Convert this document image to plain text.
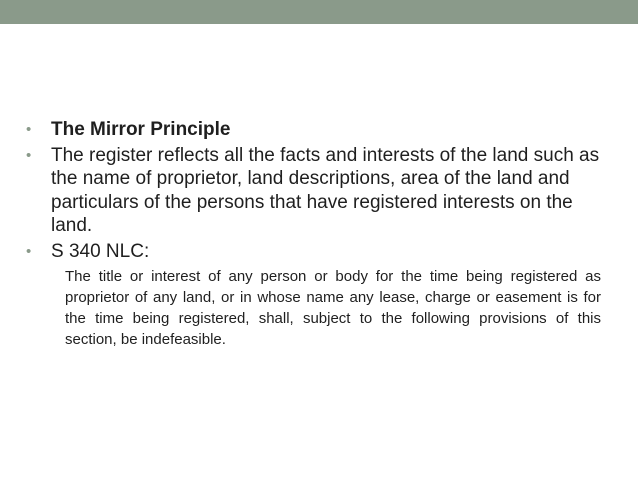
• The Mirror Principle
• The register reflects all the facts and interests of the land such as the name of proprietor, land descriptions, area of the land and particulars of the persons that have registered interests on the land.
• S 340 NLC:
The title or interest of any person or body for the time being registered as proprietor of any land, or in whose name any lease, charge or easement is for the time being registered, shall, subject to the following provisions of this section, be indefeasible.
